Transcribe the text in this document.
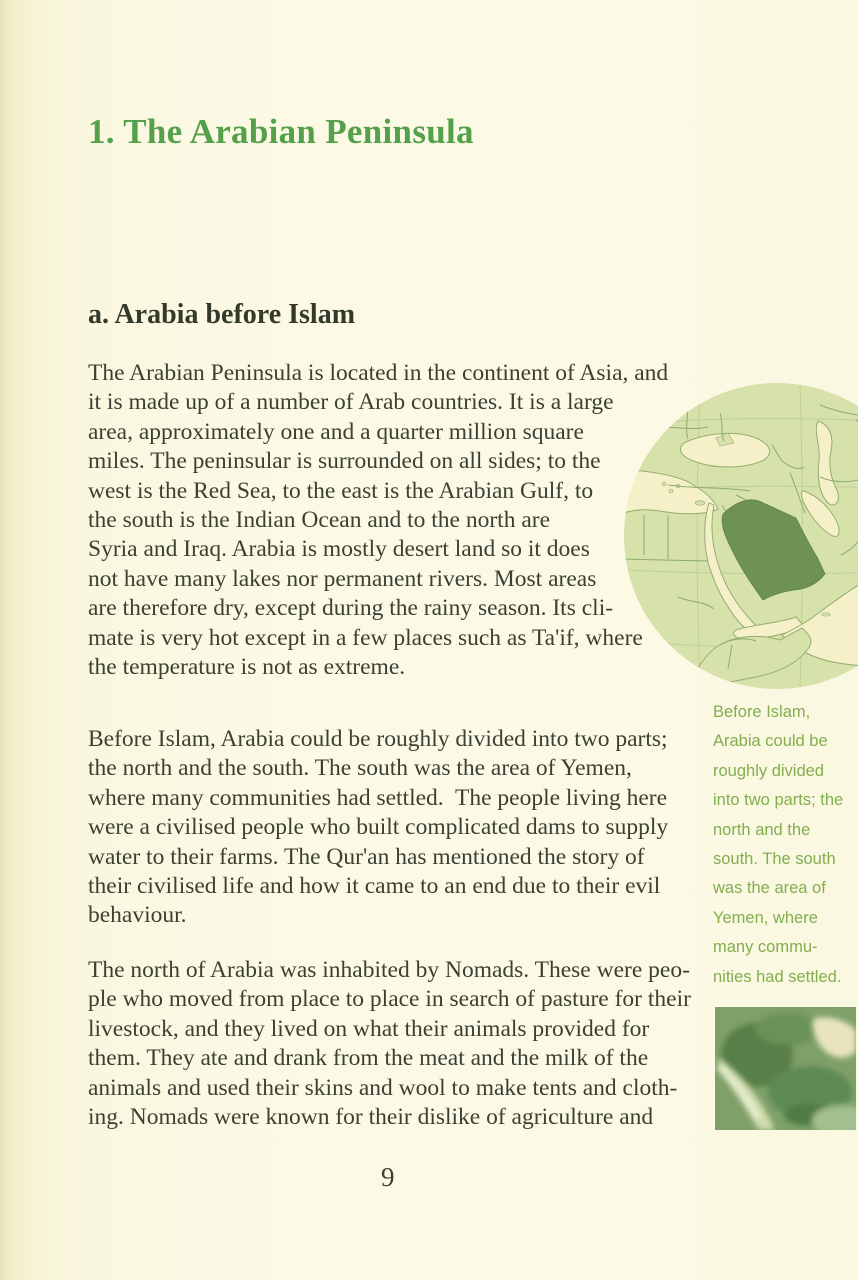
1. The Arabian Peninsula
a. Arabia before Islam
The Arabian Peninsula is located in the continent of Asia, and
it is made up of a number of Arab countries. It is a large
area, approximately one and a quarter million square
miles. The peninsular is surrounded on all sides; to the
west is the Red Sea, to the east is the Arabian Gulf, to
the south is the Indian Ocean and to the north are
Syria and Iraq. Arabia is mostly desert land so it does
not have many lakes nor permanent rivers. Most areas
are therefore dry, except during the rainy season. Its cli-
mate is very hot except in a few places such as Ta'if, where
the temperature is not as extreme.
Before Islam, Arabia could be roughly divided into two parts;
the north and the south. The south was the area of Yemen,
where many communities had settled.  The people living here
were a civilised people who built complicated dams to supply
water to their farms. The Qur'an has mentioned the story of
their civilised life and how it came to an end due to their evil
behaviour.
The north of Arabia was inhabited by Nomads. These were peo-
ple who moved from place to place in search of pasture for their
livestock, and they lived on what their animals provided for
them. They ate and drank from the meat and the milk of the
animals and used their skins and wool to make tents and cloth-
ing. Nomads were known for their dislike of agriculture and
Before Islam,
Arabia could be
roughly divided
into two parts; the
north and the
south. The south
was the area of
Yemen, where
many commu-
nities had settled.
9
